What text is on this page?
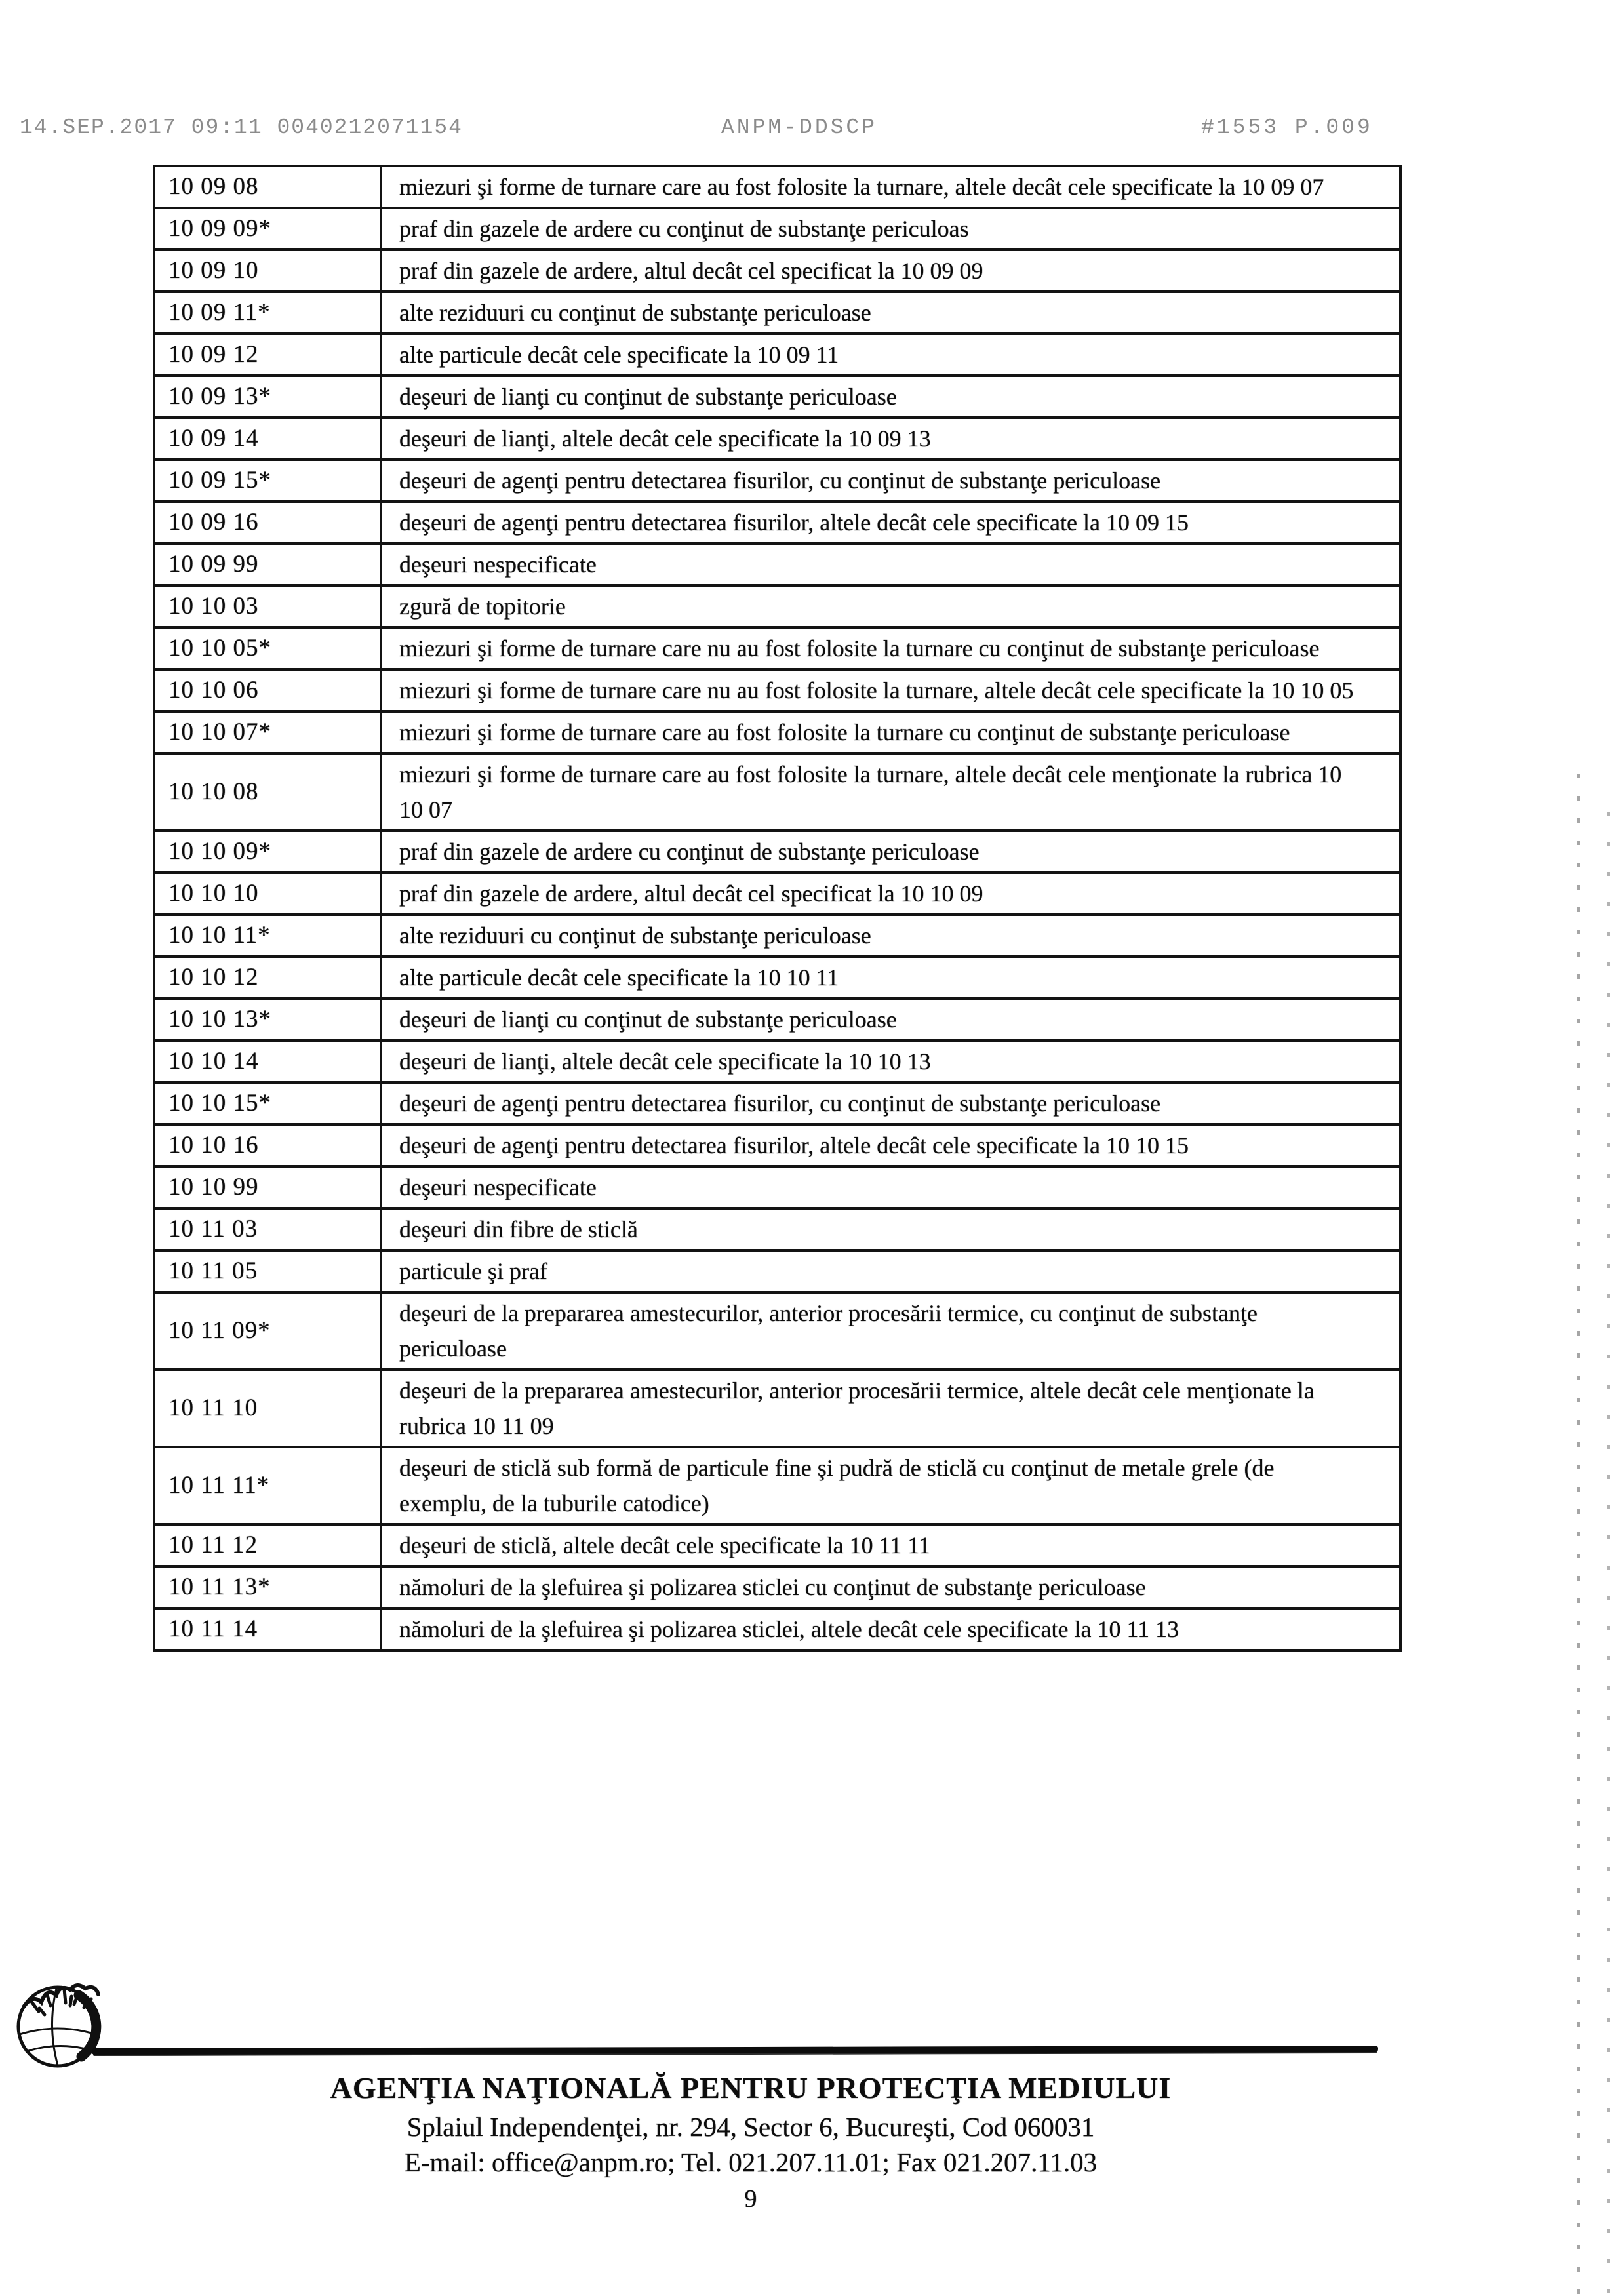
14.SEP.2017 09:11 0040212071154	ANPM-DDSCP	#1553 P.009
10 09 08	miezuri şi forme de turnare care au fost folosite la turnare, altele decât cele specificate la 10 09 07
10 09 09*	praf din gazele de ardere cu conţinut de substanţe periculoas
10 09 10	praf din gazele de ardere, altul decât cel specificat la 10 09 09
10 09 11*	alte reziduuri cu conţinut de substanţe periculoase
10 09 12	alte particule decât cele specificate la 10 09 11
10 09 13*	deşeuri de lianţi cu conţinut de substanţe periculoase
10 09 14	deşeuri de lianţi, altele decât cele specificate la 10 09 13
10 09 15*	deşeuri de agenţi pentru detectarea fisurilor, cu conţinut de substanţe periculoase
10 09 16	deşeuri de agenţi pentru detectarea fisurilor, altele decât cele specificate la 10 09 15
10 09 99	deşeuri nespecificate
10 10 03	zgură de topitorie
10 10 05*	miezuri şi forme de turnare care nu au fost folosite la turnare cu conţinut de substanţe periculoase
10 10 06	miezuri şi forme de turnare care nu au fost folosite la turnare, altele decât cele specificate la 10 10 05
10 10 07*	miezuri şi forme de turnare care au fost folosite la turnare cu conţinut de substanţe periculoase
10 10 08	miezuri şi forme de turnare care au fost folosite la turnare, altele decât cele menţionate la rubrica 10 10 07
10 10 09*	praf din gazele de ardere cu conţinut de substanţe periculoase
10 10 10	praf din gazele de ardere, altul decât cel specificat la 10 10 09
10 10 11*	alte reziduuri cu conţinut de substanţe periculoase
10 10 12	alte particule decât cele specificate la 10 10 11
10 10 13*	deşeuri de lianţi cu conţinut de substanţe periculoase
10 10 14	deşeuri de lianţi, altele decât cele specificate la 10 10 13
10 10 15*	deşeuri de agenţi pentru detectarea fisurilor, cu conţinut de substanţe periculoase
10 10 16	deşeuri de agenţi pentru detectarea fisurilor, altele decât cele specificate la 10 10 15
10 10 99	deşeuri nespecificate
10 11 03	deşeuri din fibre de sticlă
10 11 05	particule şi praf
10 11 09*	deşeuri de la prepararea amestecurilor, anterior procesării termice, cu conţinut de substanţe periculoase
10 11 10	deşeuri de la prepararea amestecurilor, anterior procesării termice, altele decât cele menţionate la rubrica 10 11 09
10 11 11*	deşeuri de sticlă sub formă de particule fine şi pudră de sticlă cu conţinut de metale grele (de exemplu, de la tuburile catodice)
10 11 12	deşeuri de sticlă, altele decât cele specificate la 10 11 11
10 11 13*	nămoluri de la şlefuirea şi polizarea sticlei cu conţinut de substanţe periculoase
10 11 14	nămoluri de la şlefuirea şi polizarea sticlei, altele decât cele specificate la 10 11 13
AGENŢIA NAŢIONALĂ PENTRU PROTECŢIA MEDIULUI
Splaiul Independenţei, nr. 294, Sector 6, Bucureşti, Cod 060031
E-mail: office@anpm.ro; Tel. 021.207.11.01; Fax 021.207.11.03
9
